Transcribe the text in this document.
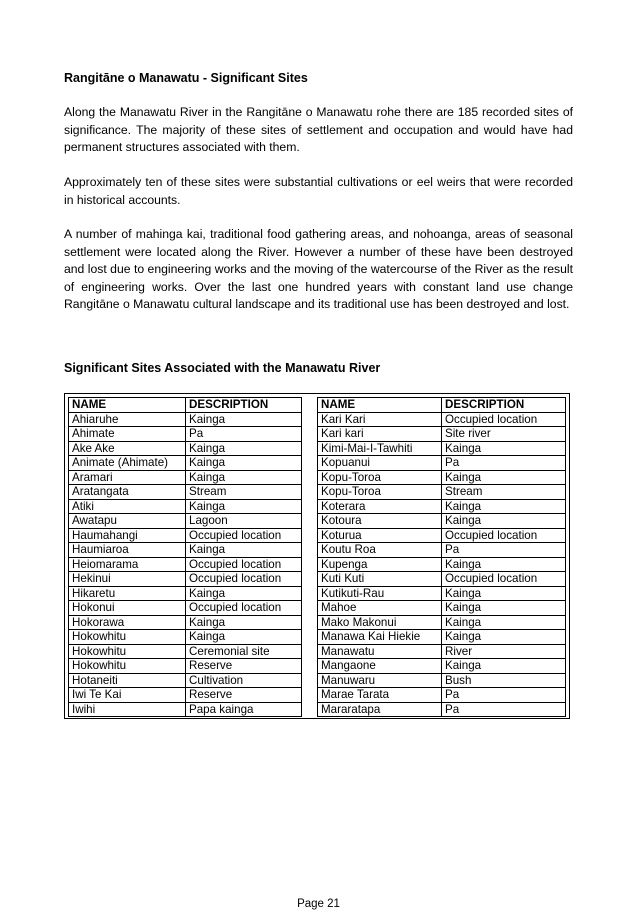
Rangitāne o Manawatu - Significant Sites

Along the Manawatu River in the Rangitāne o Manawatu rohe there are 185 recorded sites of significance. The majority of these sites of settlement and occupation and would have had permanent structures associated with them.

Approximately ten of these sites were substantial cultivations or eel weirs that were recorded in historical accounts.

A number of mahinga kai, traditional food gathering areas, and nohoanga, areas of seasonal settlement were located along the River. However a number of these have been destroyed and lost due to engineering works and the moving of the watercourse of the River as the result of engineering works. Over the last one hundred years with constant land use change Rangitāne o Manawatu cultural landscape and its traditional use has been destroyed and lost.

Significant Sites Associated with the Manawatu River

NAME	DESCRIPTION
Ahiaruhe	Kainga
Ahimate	Pa
Ake Ake	Kainga
Animate (Ahimate)	Kainga
Aramari	Kainga
Aratangata	Stream
Atiki	Kainga
Awatapu	Lagoon
Haumahangi	Occupied location
Haumiaroa	Kainga
Heiomarama	Occupied location
Hekinui	Occupied location
Hikaretu	Kainga
Hokonui	Occupied location
Hokorawa	Kainga
Hokowhitu	Kainga
Hokowhitu	Ceremonial site
Hokowhitu	Reserve
Hotaneiti	Cultivation
Iwi Te Kai	Reserve
Iwihi	Papa kainga
NAME	DESCRIPTION
Kari Kari	Occupied location
Kari kari	Site river
Kimi-Mai-I-Tawhiti	Kainga
Kopuanui	Pa
Kopu-Toroa	Kainga
Kopu-Toroa	Stream
Koterara	Kainga
Kotoura	Kainga
Koturua	Occupied location
Koutu Roa	Pa
Kupenga	Kainga
Kuti Kuti	Occupied location
Kutikuti-Rau	Kainga
Mahoe	Kainga
Mako Makonui	Kainga
Manawa Kai Hiekie	Kainga
Manawatu	River
Mangaone	Kainga
Manuwaru	Bush
Marae Tarata	Pa
Mararatapa	Pa

Page 21
